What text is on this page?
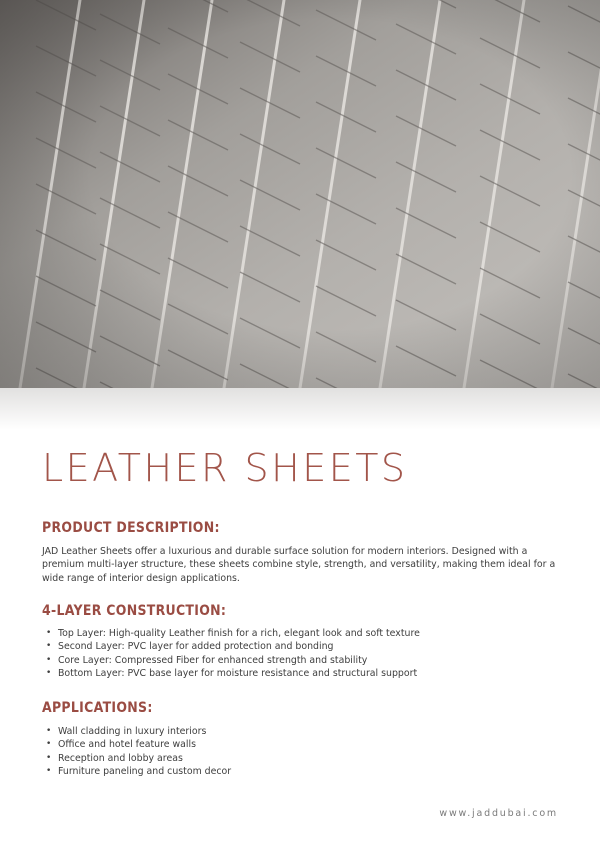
LEATHER SHEETS
PRODUCT DESCRIPTION:

JAD Leather Sheets offer a luxurious and durable surface solution for modern interiors. Designed with a premium multi-layer structure, these sheets combine style, strength, and versatility, making them ideal for a wide range of interior design applications.

4-LAYER CONSTRUCTION:
• Top Layer: High-quality Leather finish for a rich, elegant look and soft texture
• Second Layer: PVC layer for added protection and bonding
• Core Layer: Compressed Fiber for enhanced strength and stability
• Bottom Layer: PVC base layer for moisture resistance and structural support
APPLICATIONS:
• Wall cladding in luxury interiors
• Office and hotel feature walls
• Reception and lobby areas
• Furniture paneling and custom decor

www.jaddubai.com
